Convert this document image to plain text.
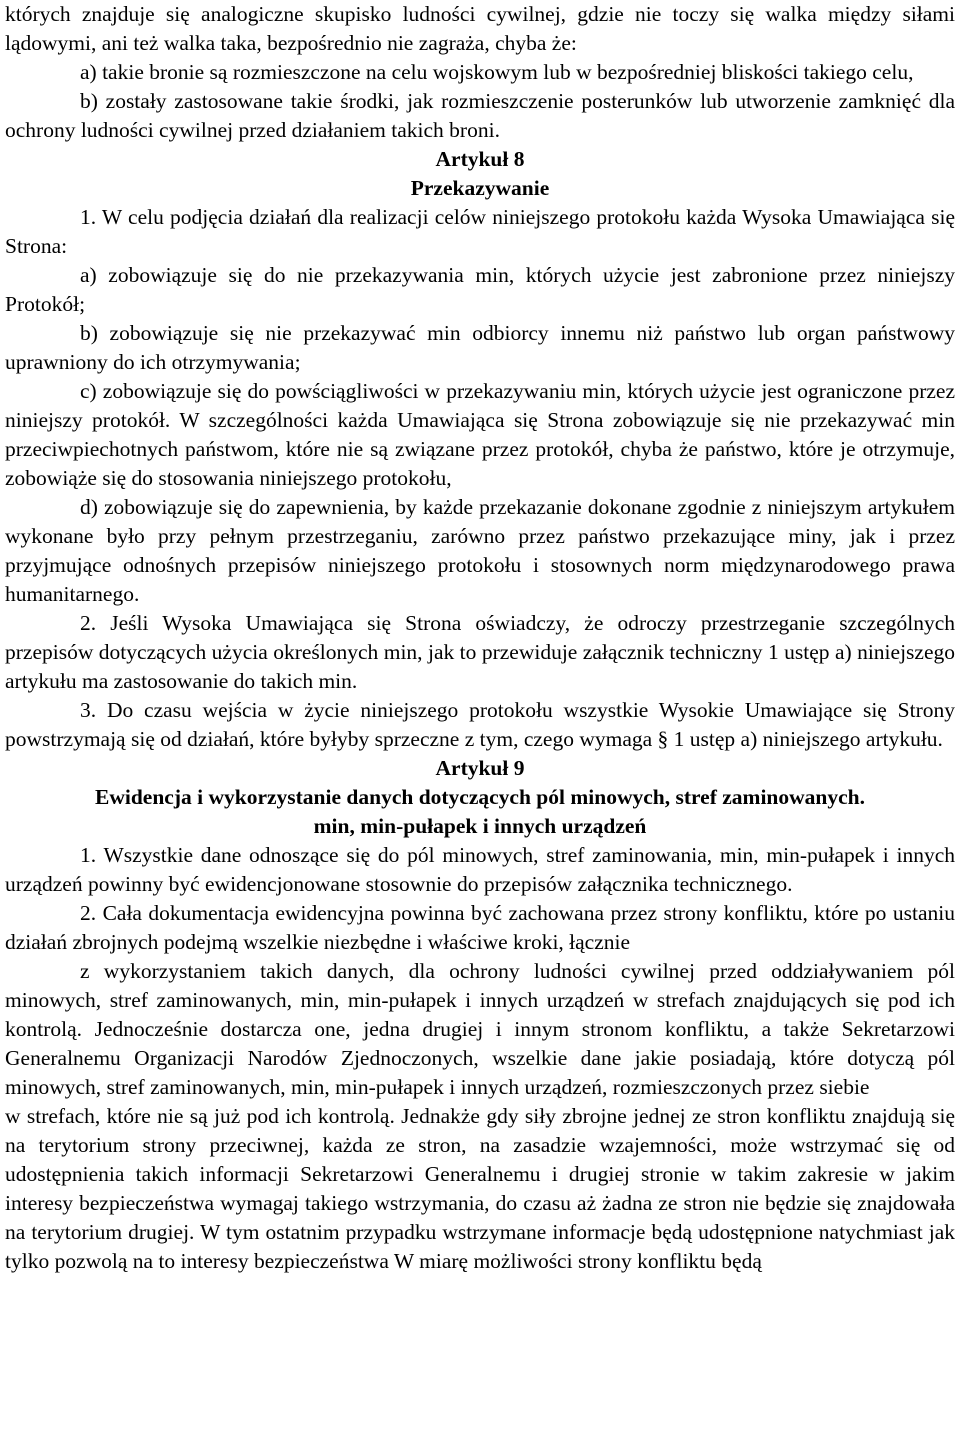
których znajduje się analogiczne skupisko ludności cywilnej, gdzie nie toczy się walka między siłami lądowymi, ani też walka taka, bezpośrednio nie zagraża, chyba że:

a) takie bronie są rozmieszczone na celu wojskowym lub w bezpośredniej bliskości takiego celu,

b) zostały zastosowane takie środki, jak rozmieszczenie posterunków lub utworzenie zamknięć dla ochrony ludności cywilnej przed działaniem takich broni.

Artykuł 8
Przekazywanie

1. W celu podjęcia działań dla realizacji celów niniejszego protokołu każda Wysoka Umawiająca się Strona:

a) zobowiązuje się do nie przekazywania min, których użycie jest zabronione przez niniejszy Protokół;

b) zobowiązuje się nie przekazywać min odbiorcy innemu niż państwo lub organ państwowy uprawniony do ich otrzymywania;

c) zobowiązuje się do powściągliwości w przekazywaniu min, których użycie jest ograniczone przez niniejszy protokół. W szczególności każda Umawiająca się Strona zobowiązuje się nie przekazywać min przeciwpiechotnych państwom, które nie są związane przez protokół, chyba że państwo, które je otrzymuje, zobowiąże się do stosowania niniejszego protokołu,

d) zobowiązuje się do zapewnienia, by każde przekazanie dokonane zgodnie z niniejszym artykułem wykonane było przy pełnym przestrzeganiu, zarówno przez państwo przekazujące miny, jak i przez przyjmujące odnośnych przepisów niniejszego protokołu i stosownych norm międzynarodowego prawa humanitarnego.

2. Jeśli Wysoka Umawiająca się Strona oświadczy, że odroczy przestrzeganie szczególnych przepisów dotyczących użycia określonych min, jak to przewiduje załącznik techniczny 1 ustęp a) niniejszego artykułu ma zastosowanie do takich min.

3. Do czasu wejścia w życie niniejszego protokołu wszystkie Wysokie Umawiające się Strony powstrzymają się od działań, które byłyby sprzeczne z tym, czego wymaga § 1 ustęp a) niniejszego artykułu.

Artykuł 9
Ewidencja i wykorzystanie danych dotyczących pól minowych, stref zaminowanych.
min, min-pułapek i innych urządzeń

1. Wszystkie dane odnoszące się do pól minowych, stref zaminowania, min, min-pułapek i innych urządzeń powinny być ewidencjonowane stosownie do przepisów załącznika technicznego.

2. Cała dokumentacja ewidencyjna powinna być zachowana przez strony konfliktu, które po ustaniu działań zbrojnych podejmą wszelkie niezbędne i właściwe kroki, łącznie

z wykorzystaniem takich danych, dla ochrony ludności cywilnej przed oddziaływaniem pól minowych, stref zaminowanych, min, min-pułapek i innych urządzeń w strefach znajdujących się pod ich kontrolą. Jednocześnie dostarcza one, jedna drugiej i innym stronom konfliktu, a także Sekretarzowi Generalnemu Organizacji Narodów Zjednoczonych, wszelkie dane jakie posiadają, które dotyczą pól minowych, stref zaminowanych, min, min-pułapek i innych urządzeń, rozmieszczonych przez siebie

w strefach, które nie są już pod ich kontrolą. Jednakże gdy siły zbrojne jednej ze stron konfliktu znajdują się na terytorium strony przeciwnej, każda ze stron, na zasadzie wzajemności, może wstrzymać się od udostępnienia takich informacji Sekretarzowi Generalnemu i drugiej stronie w takim zakresie w jakim interesy bezpieczeństwa wymagaj takiego wstrzymania, do czasu aż żadna ze stron nie będzie się znajdowała na terytorium drugiej. W tym ostatnim przypadku wstrzymane informacje będą udostępnione natychmiast jak tylko pozwolą na to interesy bezpieczeństwa W miarę możliwości strony konfliktu będą
